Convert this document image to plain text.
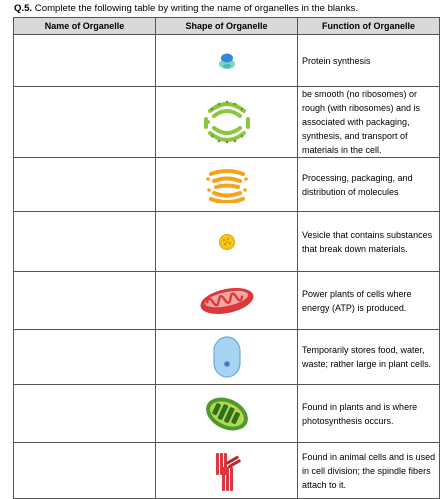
Q.5. Complete the following table by writing the name of organelles in the blanks.
Name of Organelle	Shape of Organelle	Function of Organelle

	Protein synthesis

	be smooth (no ribosomes) or rough (with ribosomes) and is associated with packaging, synthesis, and transport of materials in the cell.

	Processing, packaging, and distribution of molecules

	Vesicle that contains substances that break down materials.

	Power plants of cells where energy (ATP) is produced.

	Temporarily stores food, water, waste; rather large in plant cells.

	Found in plants and is where photosynthesis occurs.

	Found in animal cells and is used in cell division; the spindle fibers attach to it.
